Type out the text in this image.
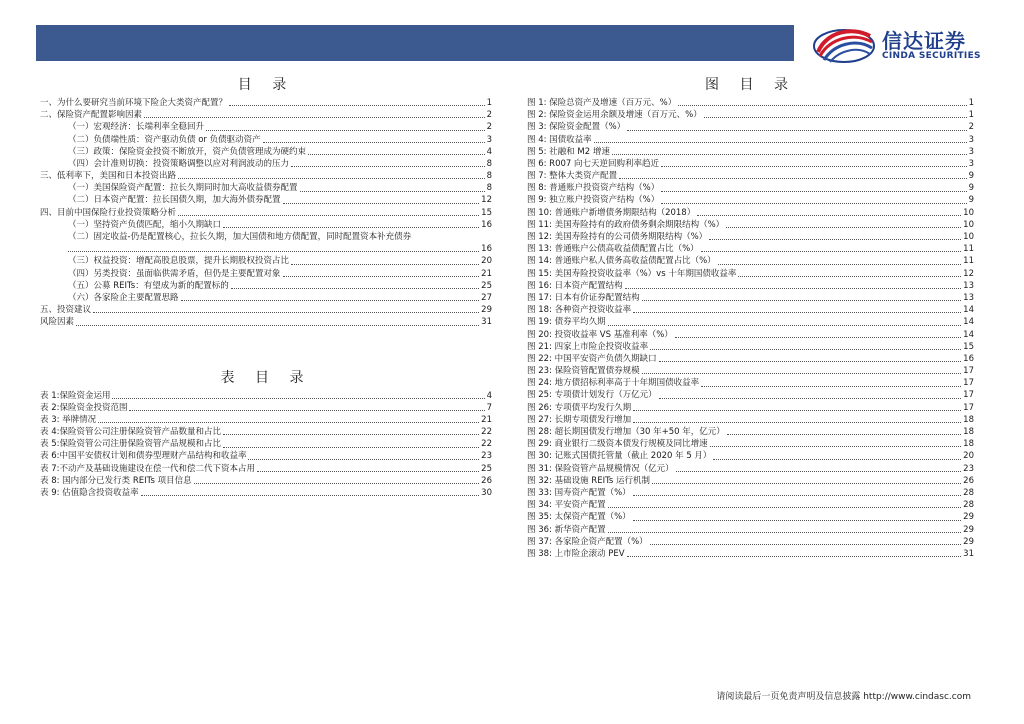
信达证券
CINDA SECURITIES
目 录
一、为什么要研究当前环境下险企大类资产配置？	1
二、保险资产配置影响因素	2
（一）宏观经济：长端利率全稳回升	2
（二）负债端性质：资产驱动负债 or 负债驱动资产	3
（三）政策：保险资金投资不断放开，资产负债管理成为硬约束	4
（四）会计准则切换：投资策略调整以应对利润波动的压力	8
三、低利率下，美国和日本投资出路	8
（一）美国保险资产配置：拉长久期同时加大高收益债券配置	8
（二）日本资产配置：拉长国债久期，加大海外债券配置	12
四、目前中国保险行业投资策略分析	15
（一）坚持资产负债匹配，缩小久期缺口	16
（二）固定收益-仍是配置核心，拉长久期，加大国债和地方债配置，同时配置资本补充债券
16
（三）权益投资：增配高股息股票，提升长期股权投资占比	20
（四）另类投资：虽面临供需矛盾，但仍是主要配置对象	21
（五）公募 REITs：有望成为新的配置标的	25
（六）各家险企主要配置思路	27
五、投资建议	29
风险因素	31
表 目 录
表 1:保险资金运用	4
表 2:保险资金投资范围	7
表 3: 举牌情况	21
表 4:保险资管公司注册保险资管产品数量和占比	22
表 5:保险资管公司注册保险资管产品规模和占比	22
表 6:中国平安债权计划和债券型理财产品结构和收益率	23
表 7:不动产及基础设施建设在偿一代和偿二代下资本占用	25
表 8: 国内部分已发行类 REITs 项目信息	26
表 9: 估值隐含投资收益率	30
图 目 录
图 1: 保险总资产及增速（百万元、%）	1
图 2: 保险资金运用余额及增速（百万元、%）	1
图 3: 保险资金配置（%）	2
图 4: 国债收益率	3
图 5: 社融和 M2 增速	3
图 6: R007 向七天逆回购利率趋近	3
图 7: 整体大类资产配置	9
图 8: 普通账户投资资产结构（%）	9
图 9: 独立账户投资资产结构（%）	9
图 10: 普通账户新增债务期限结构（2018）	10
图 11: 美国寿险持有的政府债务剩余期限结构（%）	10
图 12: 美国寿险持有的公司债务期限结构（%）	10
图 13: 普通账户公债高收益债配置占比（%）	11
图 14: 普通账户私人债务高收益债配置占比（%）	11
图 15: 美国寿险投资收益率（%）vs 十年期国债收益率	12
图 16: 日本资产配置结构	13
图 17: 日本有价证券配置结构	13
图 18: 各种资产投资收益率	14
图 19: 债券平均久期	14
图 20: 投资收益率 VS 基准利率（%）	14
图 21: 四家上市险企投资收益率	15
图 22: 中国平安资产负债久期缺口	16
图 23: 保险资管配置债券规模	17
图 24: 地方债招标利率高于十年期国债收益率	17
图 25: 专项债计划发行（万亿元）	17
图 26: 专项债平均发行久期	17
图 27: 长期专项债发行增加	18
图 28: 超长期国债发行增加（30 年+50 年，亿元）	18
图 29: 商业银行二级资本债发行规模及同比增速	18
图 30: 记账式国债托管量（截止 2020 年 5 月）	20
图 31: 保险资管产品规模情况（亿元）	23
图 32: 基础设施 REITs 运行机制	26
图 33: 国寿资产配置（%）	28
图 34: 平安资产配置	28
图 35: 太保资产配置（%）	29
图 36: 新华资产配置	29
图 37: 各家险企资产配置（%）	29
图 38: 上市险企滚动 PEV	31
请阅读最后一页免责声明及信息披露 http://www.cindasc.com
